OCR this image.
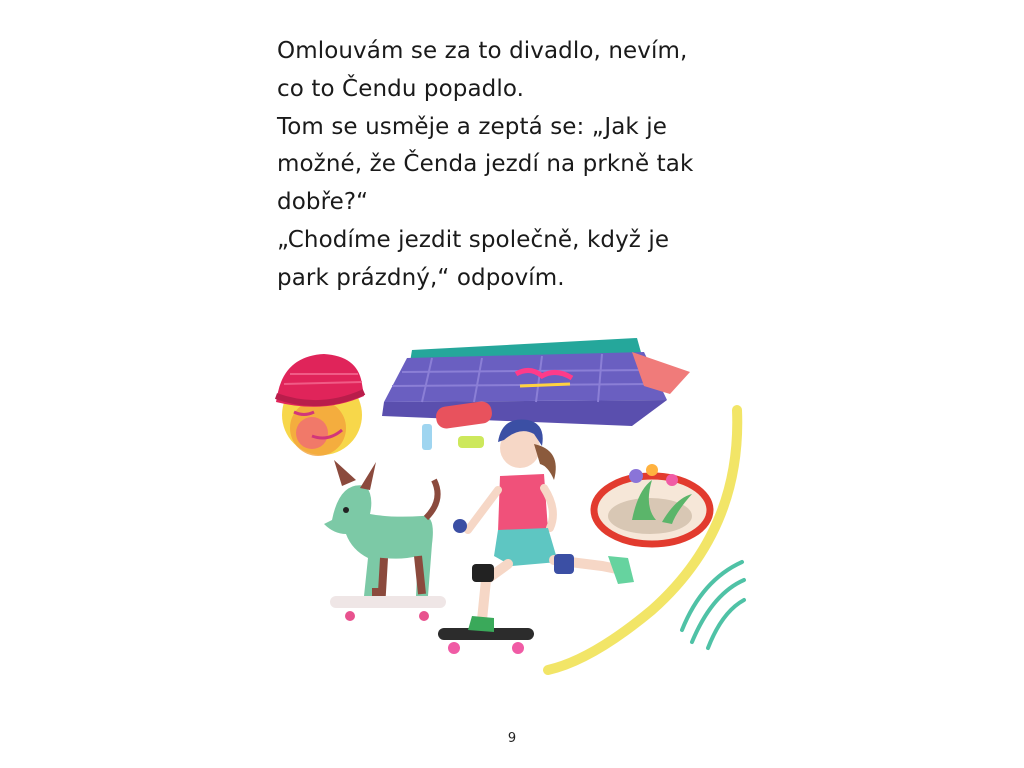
Omlouvám se za to divadlo, nevím,

co to Čendu popadlo.

Tom se usměje a zeptá se: „Jak je

možné, že Čenda jezdí na prkně tak

dobře?“

„Chodíme jezdit společně, když je

park prázdný,“ odpovím.

9
